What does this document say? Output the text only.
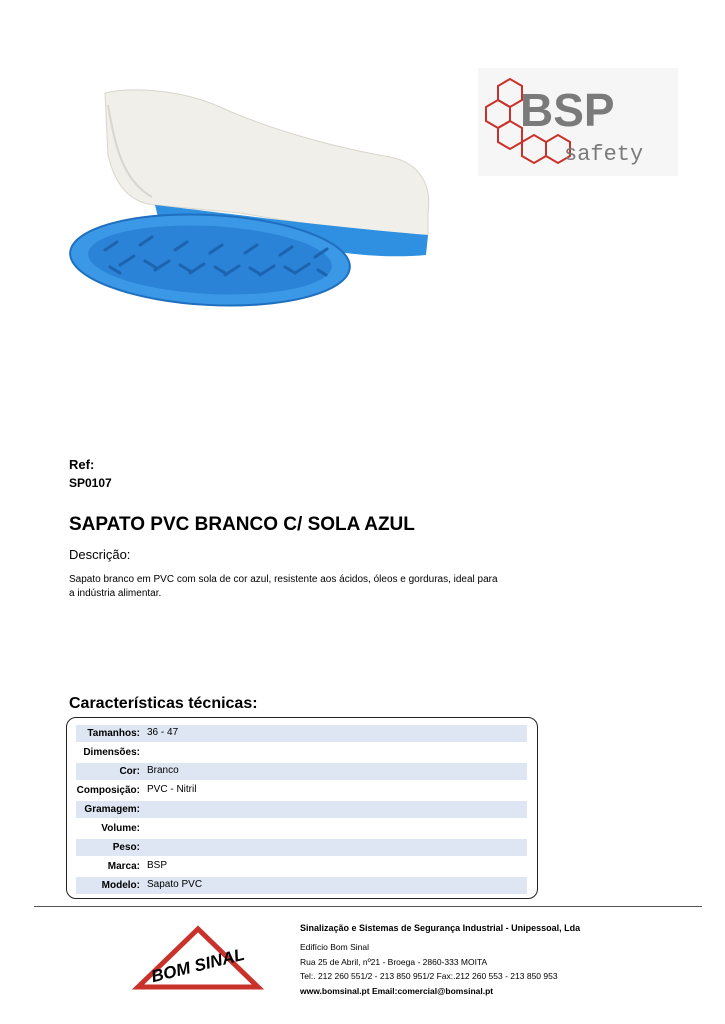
BSP
safety
Ref:
SP0107
SAPATO PVC BRANCO C/ SOLA AZUL
Descrição:
Sapato branco em PVC com sola de cor azul, resistente aos ácidos, óleos e gorduras, ideal para a indústria alimentar.
Características técnicas:
Tamanhos: 36 - 47
Dimensões:
Cor: Branco
Composição: PVC - Nitril
Gramagem:
Volume:
Peso:
Marca: BSP
Modelo: Sapato PVC
BOM SINAL
Sinalização e Sistemas de Segurança Industrial - Unipessoal, Lda
Edifício Bom Sinal
Rua 25 de Abril, nº21 - Broega - 2860-333 MOITA
Tel:. 212 260 551/2 - 213 850 951/2 Fax:.212 260 553 - 213 850 953
www.bomsinal.pt Email:comercial@bomsinal.pt
